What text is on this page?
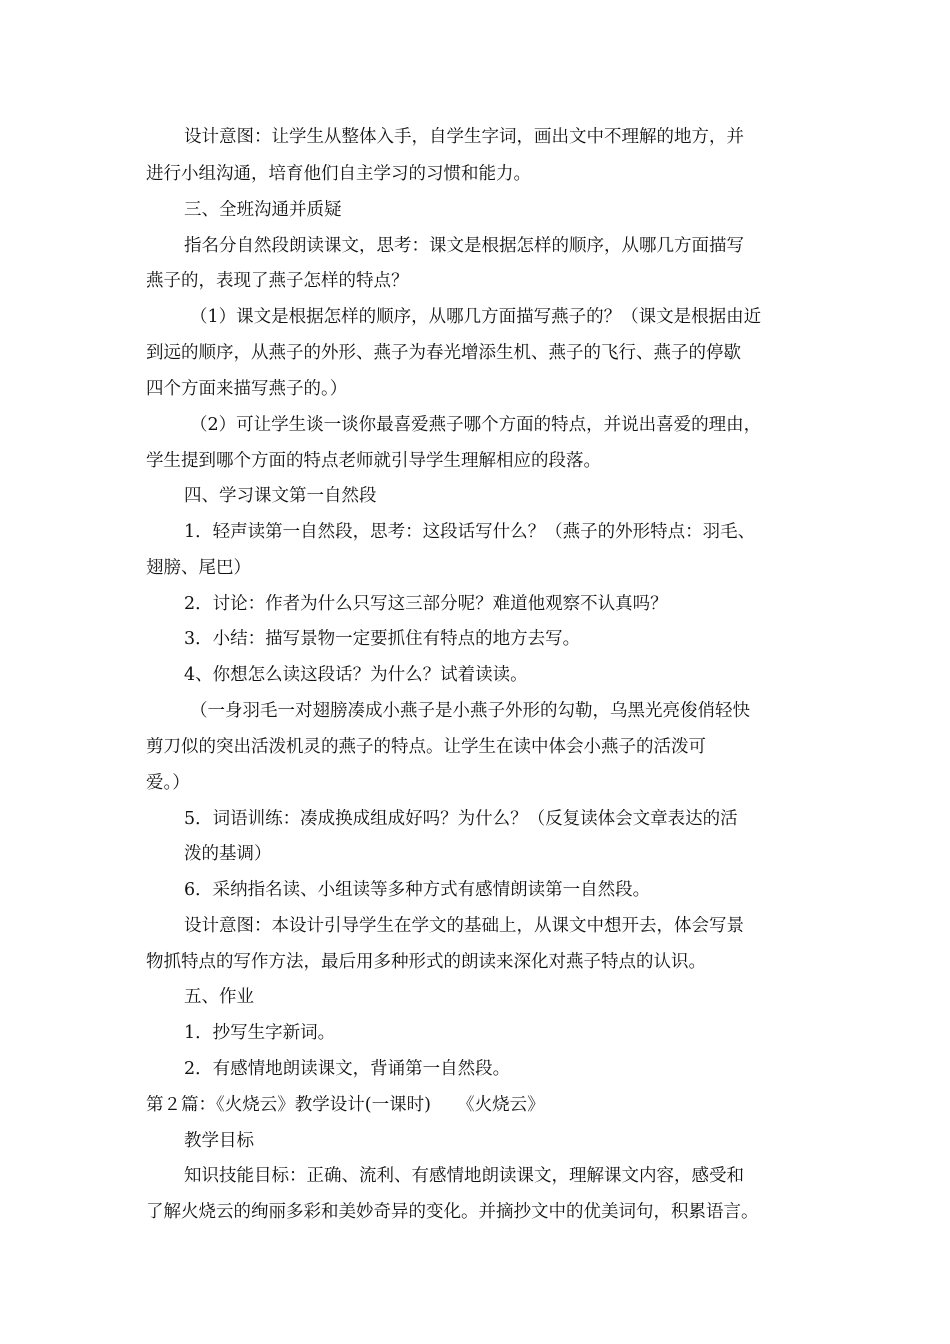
设计意图：让学生从整体入手，自学生字词，画出文中不理解的地方，并
进行小组沟通，培育他们自主学习的习惯和能力。
三、全班沟通并质疑
指名分自然段朗读课文，思考：课文是根据怎样的顺序，从哪几方面描写
燕子的，表现了燕子怎样的特点？
（1）课文是根据怎样的顺序，从哪几方面描写燕子的？（课文是根据由近
到远的顺序，从燕子的外形、燕子为春光增添生机、燕子的飞行、燕子的停歇
四个方面来描写燕子的。）
（2）可让学生谈一谈你最喜爱燕子哪个方面的特点，并说出喜爱的理由，
学生提到哪个方面的特点老师就引导学生理解相应的段落。
四、学习课文第一自然段
1．轻声读第一自然段，思考：这段话写什么？（燕子的外形特点：羽毛、
翅膀、尾巴）
2．讨论：作者为什么只写这三部分呢？难道他观察不认真吗？
3．小结：描写景物一定要抓住有特点的地方去写。
4、你想怎么读这段话？为什么？试着读读。
（一身羽毛一对翅膀凑成小燕子是小燕子外形的勾勒，乌黑光亮俊俏轻快
剪刀似的突出活泼机灵的燕子的特点。让学生在读中体会小燕子的活泼可
爱。）
5．词语训练：凑成换成组成好吗？为什么？（反复读体会文章表达的活
泼的基调）
6．采纳指名读、小组读等多种方式有感情朗读第一自然段。
设计意图：本设计引导学生在学文的基础上，从课文中想开去，体会写景
物抓特点的写作方法，最后用多种形式的朗读来深化对燕子特点的认识。
五、作业
1．抄写生字新词。
2．有感情地朗读课文，背诵第一自然段。
第２篇：《火烧云》教学设计(一课时)　　《火烧云》
教学目标
知识技能目标：正确、流利、有感情地朗读课文，理解课文内容，感受和
了解火烧云的绚丽多彩和美妙奇异的变化。并摘抄文中的优美词句，积累语言。
